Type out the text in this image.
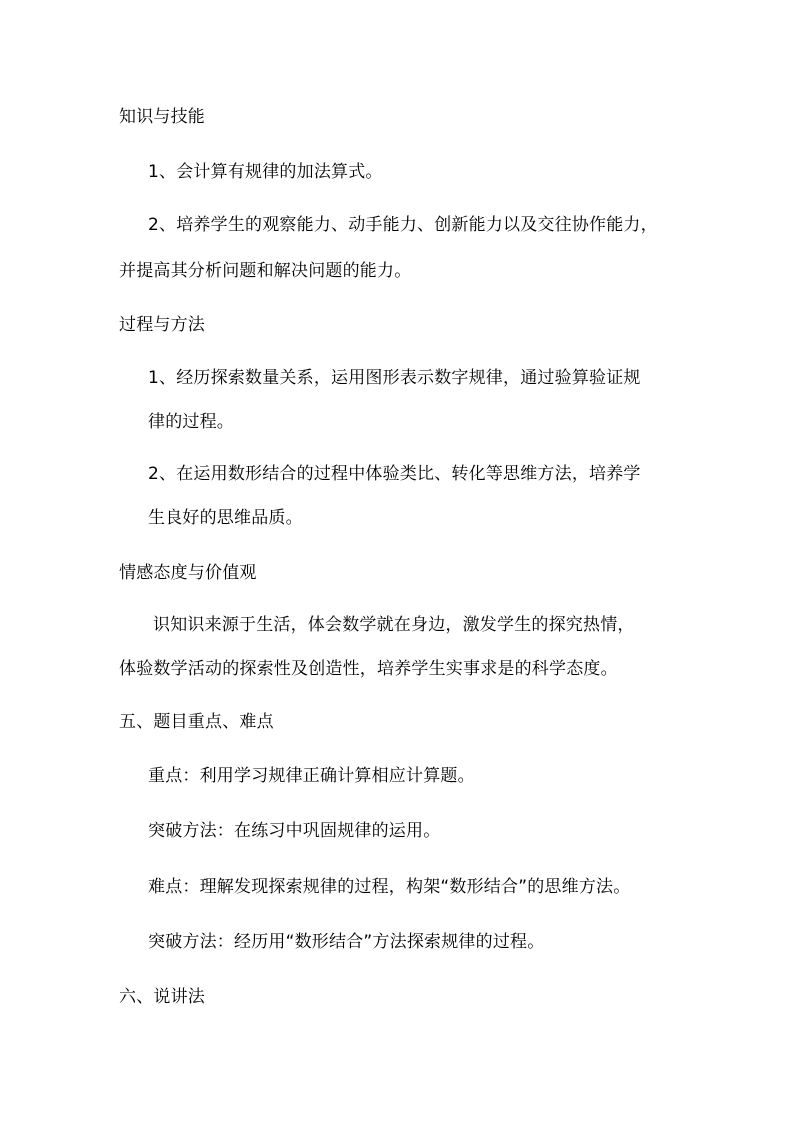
知识与技能
1、会计算有规律的加法算式。
2、培养学生的观察能力、动手能力、创新能力以及交往协作能力，
并提高其分析问题和解决问题的能力。
过程与方法
1、经历探索数量关系，运用图形表示数字规律，通过验算验证规
律的过程。
2、在运用数形结合的过程中体验类比、转化等思维方法，培养学
生良好的思维品质。
情感态度与价值观
识知识来源于生活，体会数学就在身边，激发学生的探究热情，
体验数学活动的探索性及创造性，培养学生实事求是的科学态度。
五、题目重点、难点
重点：利用学习规律正确计算相应计算题。
突破方法：在练习中巩固规律的运用。
难点：理解发现探索规律的过程，构架“数形结合”的思维方法。
突破方法：经历用“数形结合”方法探索规律的过程。
六、说讲法
